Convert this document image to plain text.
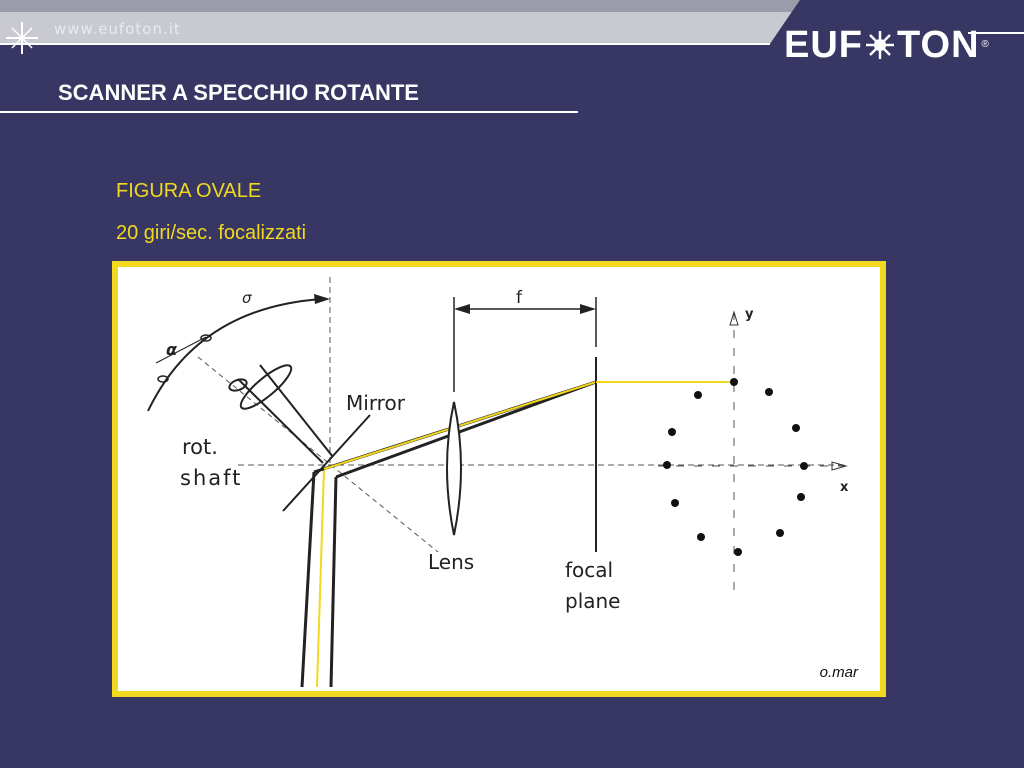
www.eufoton.it	EUF TON ®
SCANNER A SPECCHIO ROTANTE
FIGURA OVALE
20 giri/sec. focalizzati
σ
α
f
Mirror
rot.
shaft
Lens	focal
plane
y
x
o.mar
